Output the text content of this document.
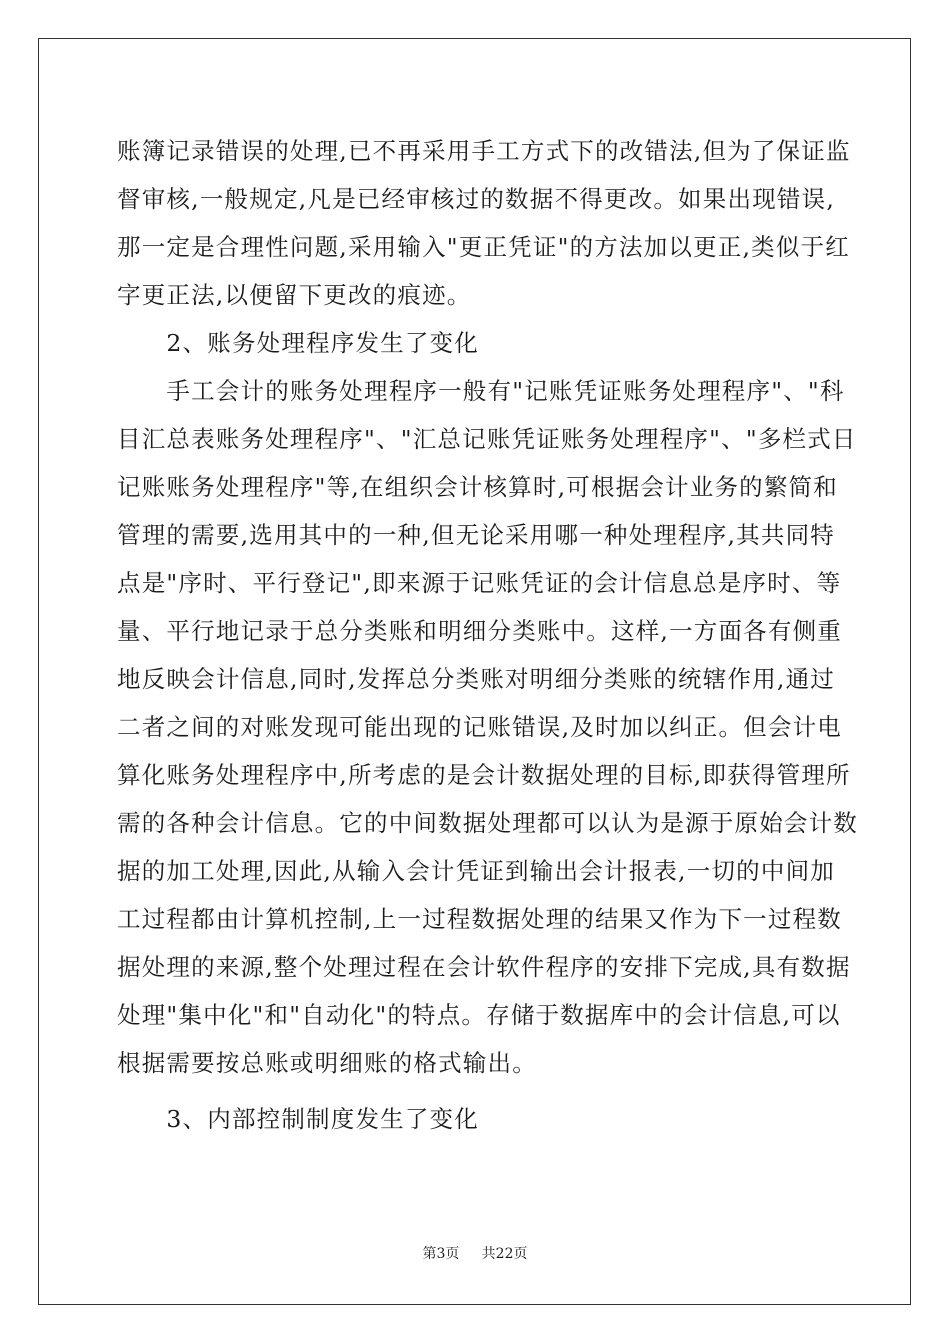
账簿记录错误的处理,已不再采用手工方式下的改错法,但为了保证监
督审核,一般规定,凡是已经审核过的数据不得更改。如果出现错误,
那一定是合理性问题,采用输入"更正凭证"的方法加以更正,类似于红
字更正法,以便留下更改的痕迹。
　　2、账务处理程序发生了变化
　　手工会计的账务处理程序一般有"记账凭证账务处理程序"、"科
目汇总表账务处理程序"、"汇总记账凭证账务处理程序"、"多栏式日
记账账务处理程序"等,在组织会计核算时,可根据会计业务的繁简和
管理的需要,选用其中的一种,但无论采用哪一种处理程序,其共同特
点是"序时、平行登记",即来源于记账凭证的会计信息总是序时、等
量、平行地记录于总分类账和明细分类账中。这样,一方面各有侧重
地反映会计信息,同时,发挥总分类账对明细分类账的统辖作用,通过
二者之间的对账发现可能出现的记账错误,及时加以纠正。但会计电
算化账务处理程序中,所考虑的是会计数据处理的目标,即获得管理所
需的各种会计信息。它的中间数据处理都可以认为是源于原始会计数
据的加工处理,因此,从输入会计凭证到输出会计报表,一切的中间加
工过程都由计算机控制,上一过程数据处理的结果又作为下一过程数
据处理的来源,整个处理过程在会计软件程序的安排下完成,具有数据
处理"集中化"和"自动化"的特点。存储于数据库中的会计信息,可以
根据需要按总账或明细账的格式输出。
　　3、内部控制制度发生了变化
第3页 共22页
